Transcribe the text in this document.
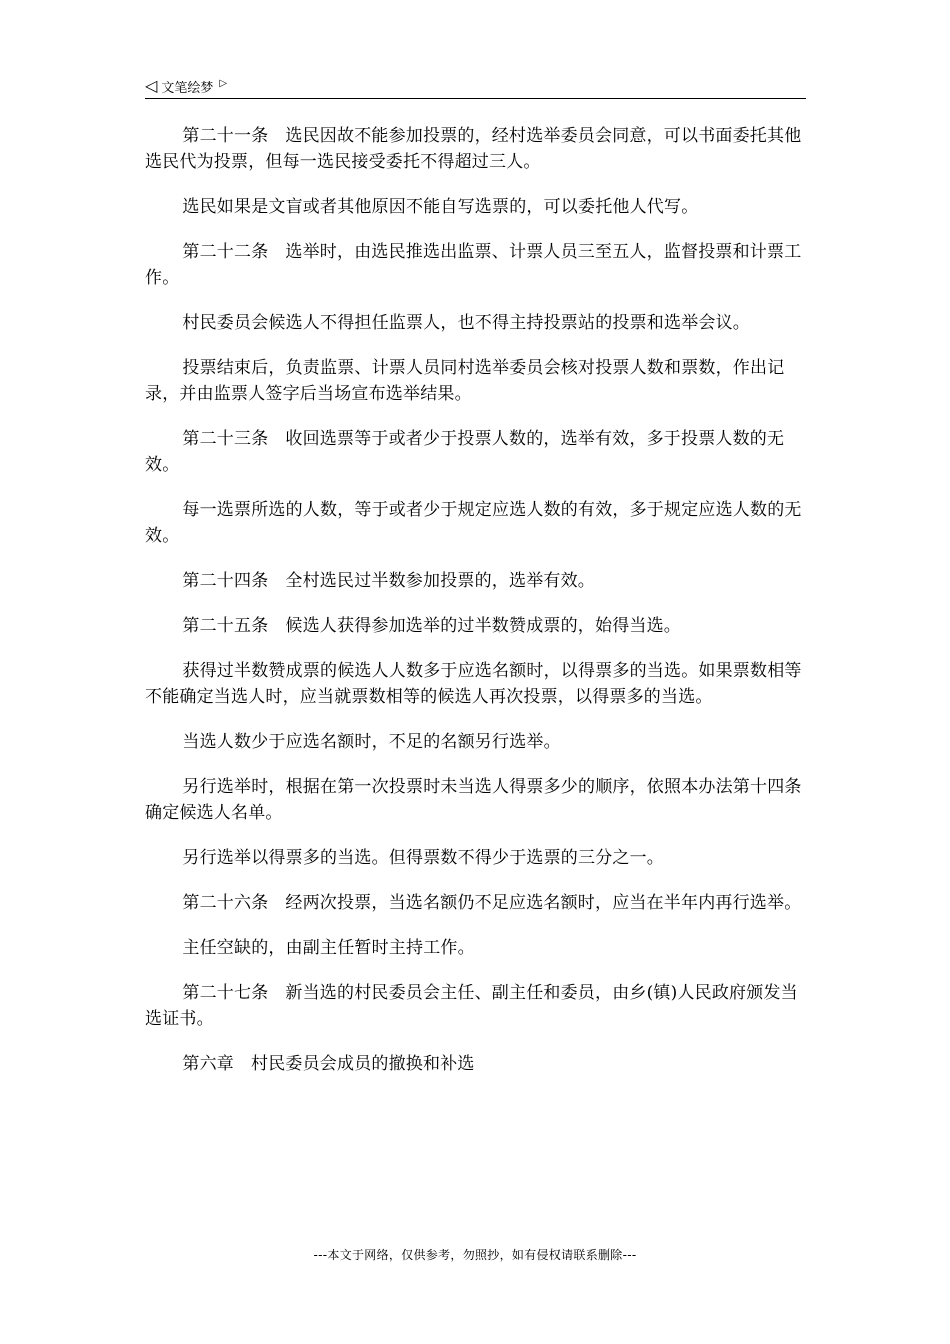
◁ 文笔绘梦 ▷

第二十一条 选民因故不能参加投票的，经村选举委员会同意，可以书面委托其他选民代为投票，但每一选民接受委托不得超过三人。

选民如果是文盲或者其他原因不能自写选票的，可以委托他人代写。

第二十二条 选举时，由选民推选出监票、计票人员三至五人，监督投票和计票工作。

村民委员会候选人不得担任监票人，也不得主持投票站的投票和选举会议。

投票结束后，负责监票、计票人员同村选举委员会核对投票人数和票数，作出记录，并由监票人签字后当场宣布选举结果。

第二十三条 收回选票等于或者少于投票人数的，选举有效，多于投票人数的无效。

每一选票所选的人数，等于或者少于规定应选人数的有效，多于规定应选人数的无效。

第二十四条 全村选民过半数参加投票的，选举有效。

第二十五条 候选人获得参加选举的过半数赞成票的，始得当选。

获得过半数赞成票的候选人人数多于应选名额时，以得票多的当选。如果票数相等不能确定当选人时，应当就票数相等的候选人再次投票，以得票多的当选。

当选人数少于应选名额时，不足的名额另行选举。

另行选举时，根据在第一次投票时未当选人得票多少的顺序，依照本办法第十四条确定候选人名单。

另行选举以得票多的当选。但得票数不得少于选票的三分之一。

第二十六条 经两次投票，当选名额仍不足应选名额时，应当在半年内再行选举。

主任空缺的，由副主任暂时主持工作。

第二十七条 新当选的村民委员会主任、副主任和委员，由乡(镇)人民政府颁发当选证书。

第六章 村民委员会成员的撤换和补选

---本文于网络，仅供参考，勿照抄，如有侵权请联系删除---
